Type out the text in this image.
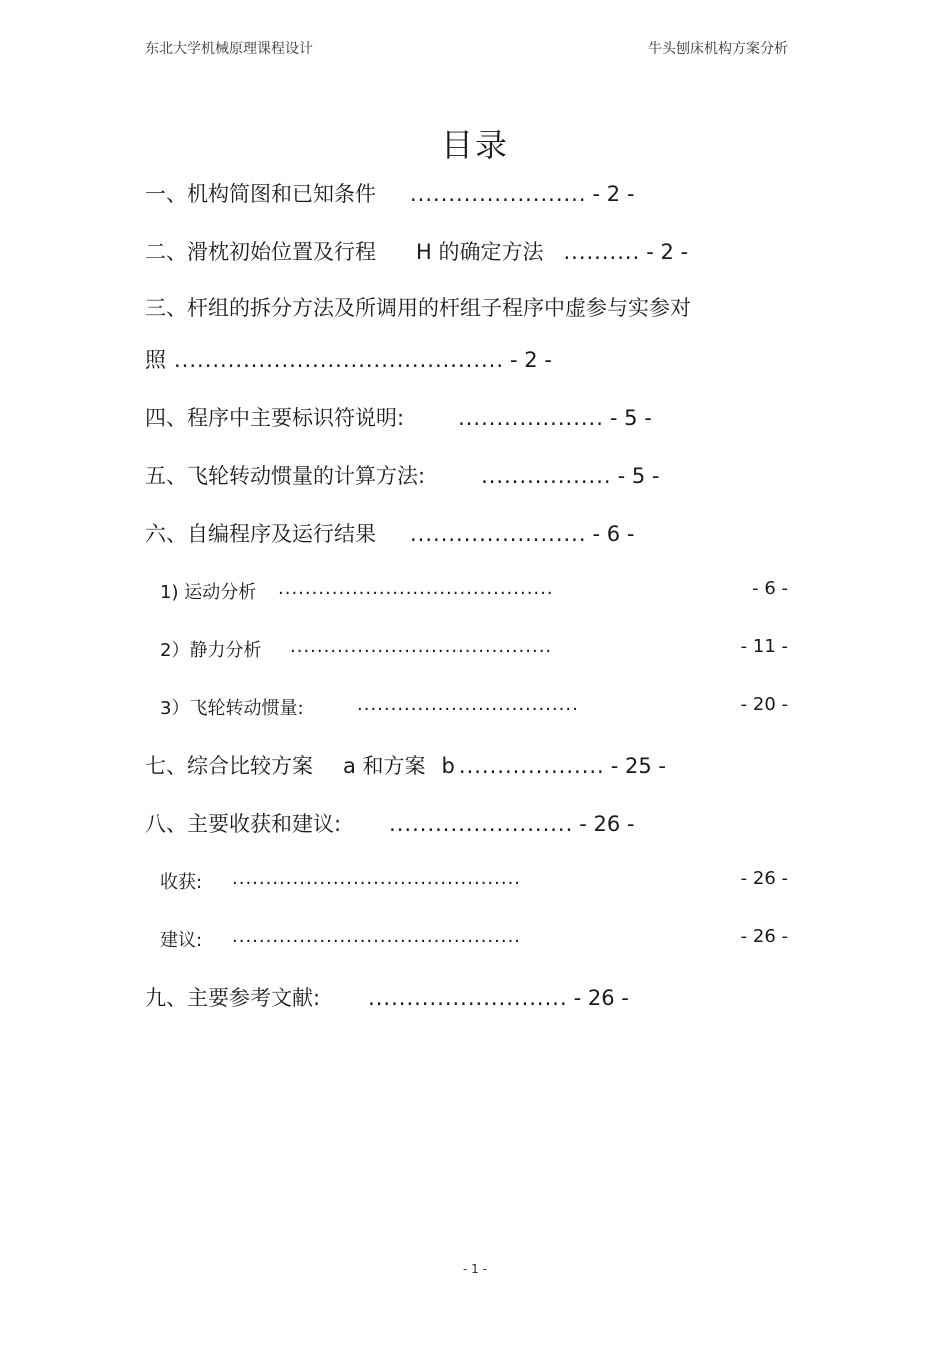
东北大学机械原理课程设计	牛头刨床机构方案分析
目录
一、机构简图和已知条件 ....................... - 2 -
二、滑枕初始位置及行程 H 的确定方法 .......... - 2 -
三、杆组的拆分方法及所调用的杆组子程序中虚参与实参对
照 ........................................... - 2 -
四、程序中主要标识符说明:	................... - 5 -
五、飞轮转动惯量的计算方法:	................. - 5 -
六、自编程序及运行结果 ....................... - 6 -
1) 运动分析 .........................................	- 6 -
2）静力分析 .......................................	- 11 -
3）飞轮转动惯量:	.................................	- 20 -
七、综合比较方案 a 和方案 b ................... - 25 -
八、主要收获和建议: ........................ - 26 -
收获: ...........................................	- 26 -
建议: ...........................................	- 26 -
九、主要参考文献: .......................... - 26 -
- 1 -
